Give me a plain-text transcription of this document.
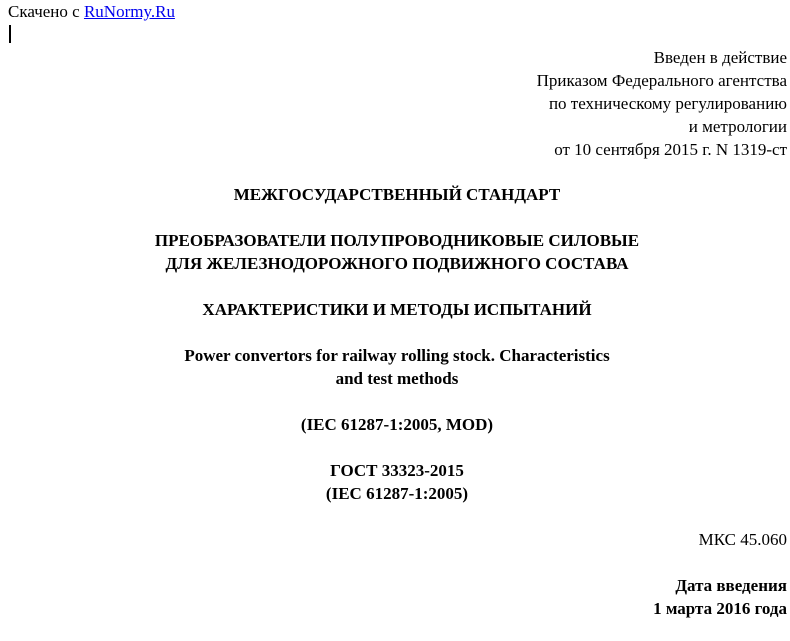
Скачено с RuNormy.Ru
Введен в действие
Приказом Федерального агентства
по техническому регулированию
и метрологии
от 10 сентября 2015 г. N 1319-ст
МЕЖГОСУДАРСТВЕННЫЙ СТАНДАРТ
ПРЕОБРАЗОВАТЕЛИ ПОЛУПРОВОДНИКОВЫЕ СИЛОВЫЕ
ДЛЯ ЖЕЛЕЗНОДОРОЖНОГО ПОДВИЖНОГО СОСТАВА
ХАРАКТЕРИСТИКИ И МЕТОДЫ ИСПЫТАНИЙ
Power convertors for railway rolling stock. Characteristics
and test methods
(IEC 61287-1:2005, MOD)
ГОСТ 33323-2015
(IEC 61287-1:2005)
МКС 45.060
Дата введения
1 марта 2016 года
